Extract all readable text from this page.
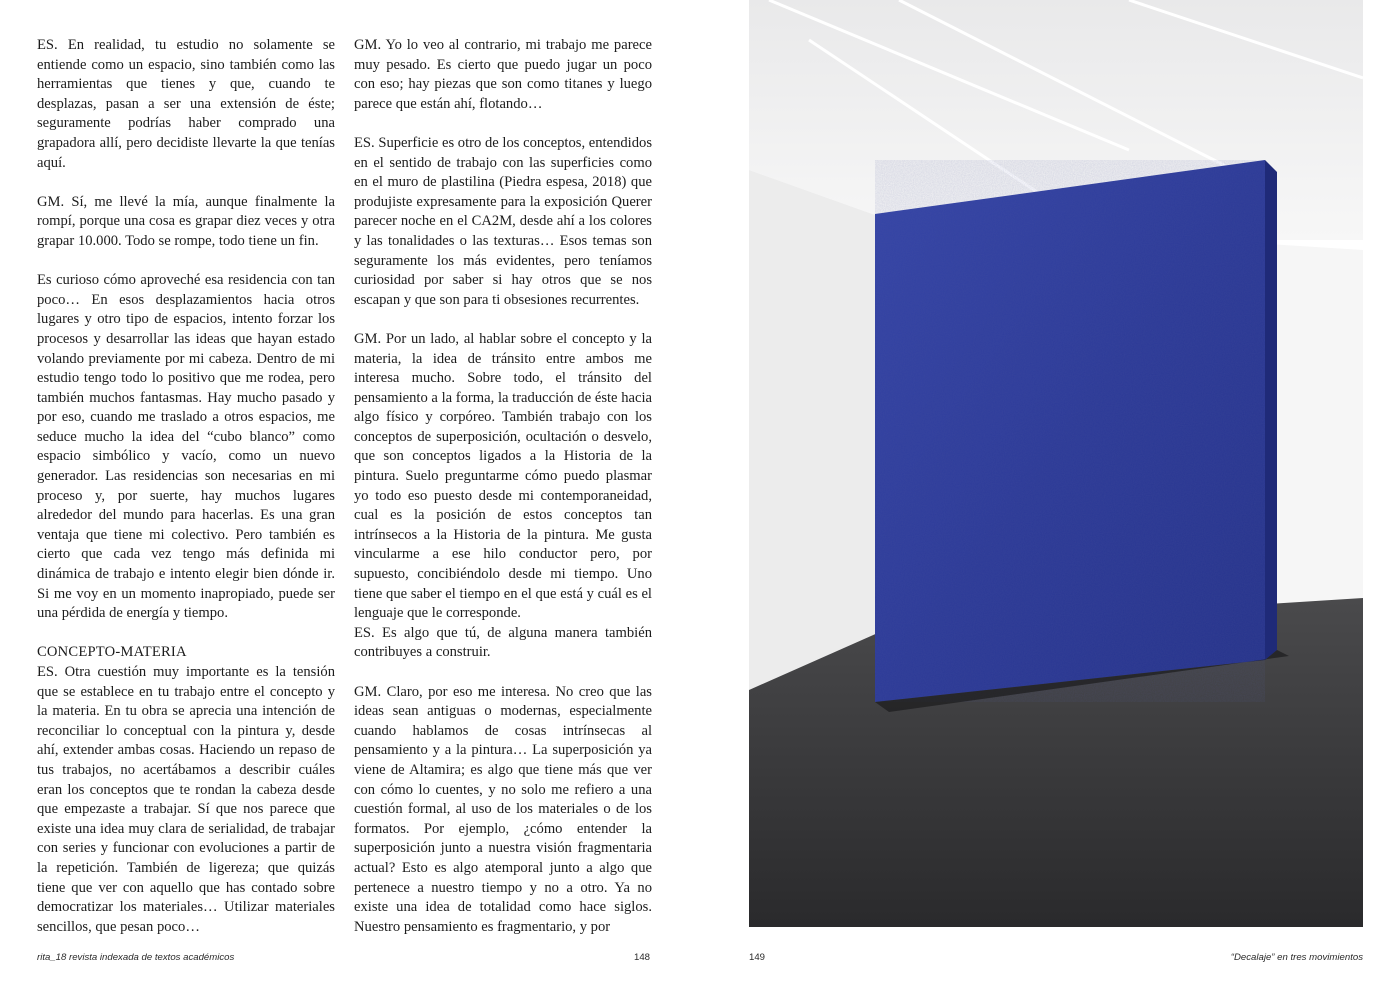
ES. En realidad, tu estudio no solamente se entiende como un espacio, sino también como las herramientas que tienes y que, cuando te desplazas, pasan a ser una extensión de éste; seguramente podrías haber comprado una grapadora allí, pero decidiste llevarte la que tenías aquí.

GM. Sí, me llevé la mía, aunque finalmente la rompí, porque una cosa es grapar diez veces y otra grapar 10.000. Todo se rompe, todo tiene un fin.

Es curioso cómo aproveché esa residencia con tan poco… En esos desplazamientos hacia otros lugares y otro tipo de espacios, intento forzar los procesos y desarrollar las ideas que hayan estado volando previamente por mi cabeza. Dentro de mi estudio tengo todo lo positivo que me rodea, pero también muchos fantasmas. Hay mucho pasado y por eso, cuando me traslado a otros espacios, me seduce mucho la idea del “cubo blanco” como espacio simbólico y vacío, como un nuevo generador. Las residencias son necesarias en mi proceso y, por suerte, hay muchos lugares alrededor del mundo para hacerlas. Es una gran ventaja que tiene mi colectivo. Pero también es cierto que cada vez tengo más definida mi dinámica de trabajo e intento elegir bien dónde ir. Si me voy en un momento inapropiado, puede ser una pérdida de energía y tiempo.

CONCEPTO-MATERIA

ES. Otra cuestión muy importante es la tensión que se establece en tu trabajo entre el concepto y la materia. En tu obra se aprecia una intención de reconciliar lo conceptual con la pintura y, desde ahí, extender ambas cosas. Haciendo un repaso de tus trabajos, no acertábamos a describir cuáles eran los conceptos que te rondan la cabeza desde que empezaste a trabajar. Sí que nos parece que existe una idea muy clara de serialidad, de trabajar con series y funcionar con evoluciones a partir de la repetición. También de ligereza; que quizás tiene que ver con aquello que has contado sobre democratizar los materiales… Utilizar materiales sencillos, que pesan poco…

GM. Yo lo veo al contrario, mi trabajo me parece muy pesado. Es cierto que puedo jugar un poco con eso; hay piezas que son como titanes y luego parece que están ahí, flotando…

ES. Superficie es otro de los conceptos, entendidos en el sentido de trabajo con las superficies como en el muro de plastilina (Piedra espesa, 2018) que produjiste expresamente para la exposición Querer parecer noche en el CA2M, desde ahí a los colores y las tonalidades o las texturas… Esos temas son seguramente los más evidentes, pero teníamos curiosidad por saber si hay otros que se nos escapan y que son para ti obsesiones recurrentes.

GM. Por un lado, al hablar sobre el concepto y la materia, la idea de tránsito entre ambos me interesa mucho. Sobre todo, el tránsito del pensamiento a la forma, la traducción de éste hacia algo físico y corpóreo. También trabajo con los conceptos de superposición, ocultación o desvelo, que son conceptos ligados a la Historia de la pintura. Suelo preguntarme cómo puedo plasmar yo todo eso puesto desde mi contemporaneidad, cual es la posición de estos conceptos tan intrínsecos a la Historia de la pintura. Me gusta vincularme a ese hilo conductor pero, por supuesto, concibiéndolo desde mi tiempo. Uno tiene que saber el tiempo en el que está y cuál es el lenguaje que le corresponde.

ES. Es algo que tú, de alguna manera también contribuyes a construir.

GM. Claro, por eso me interesa. No creo que las ideas sean antiguas o modernas, especialmente cuando hablamos de cosas intrínsecas al pensamiento y a la pintura… La superposición ya viene de Altamira; es algo que tiene más que ver con cómo lo cuentes, y no solo me refiero a una cuestión formal, al uso de los materiales o de los formatos. Por ejemplo, ¿cómo entender la superposición junto a nuestra visión fragmentaria actual? Esto es algo atemporal junto a algo que pertenece a nuestro tiempo y no a otro. Ya no existe una idea de totalidad como hace siglos. Nuestro pensamiento es fragmentario, y por

rita_18 revista indexada de textos académicos	148	149	“Decalaje” en tres movimientos
